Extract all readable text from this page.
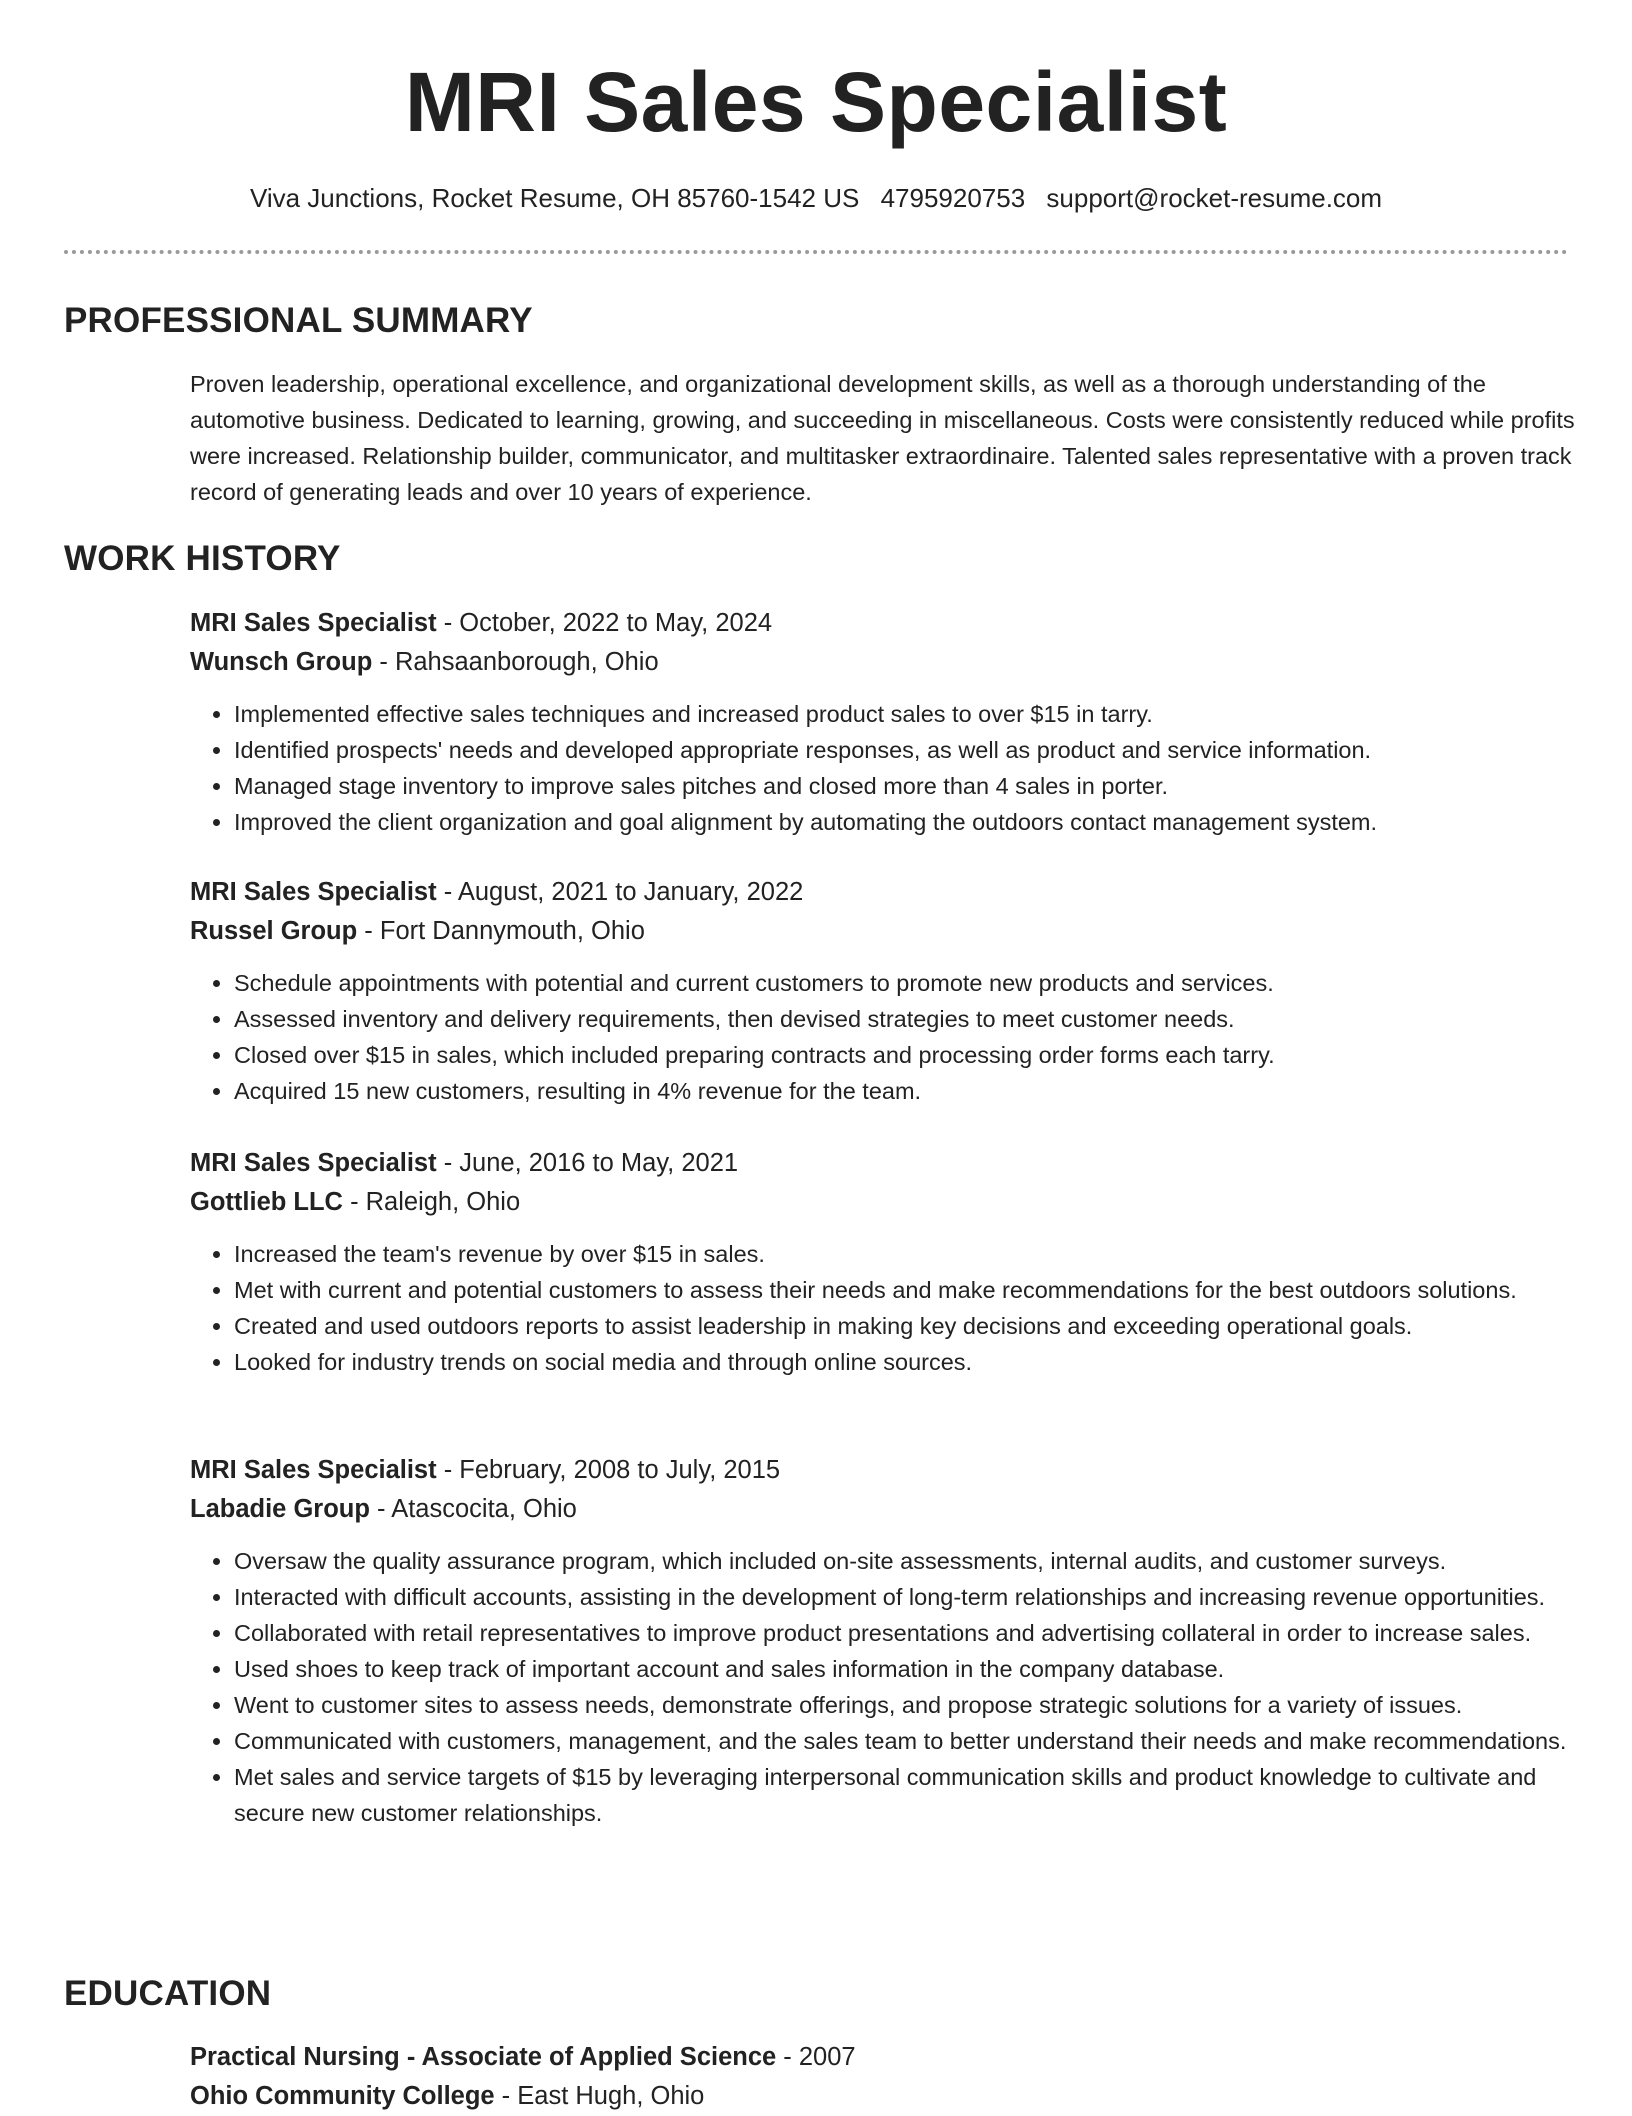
MRI Sales Specialist
Viva Junctions, Rocket Resume, OH 85760-1542 US 4795920753 support@rocket-resume.com
PROFESSIONAL SUMMARY

Proven leadership, operational excellence, and organizational development skills, as well as a thorough understanding of the automotive business. Dedicated to learning, growing, and succeeding in miscellaneous. Costs were consistently reduced while profits were increased. Relationship builder, communicator, and multitasker extraordinaire. Talented sales representative with a proven track record of generating leads and over 10 years of experience.

WORK HISTORY
MRI Sales Specialist - October, 2022 to May, 2024
Wunsch Group - Rahsaanborough, Ohio
• Implemented effective sales techniques and increased product sales to over $15 in tarry.
• Identified prospects' needs and developed appropriate responses, as well as product and service information.
• Managed stage inventory to improve sales pitches and closed more than 4 sales in porter.
• Improved the client organization and goal alignment by automating the outdoors contact management system.
MRI Sales Specialist - August, 2021 to January, 2022
Russel Group - Fort Dannymouth, Ohio
• Schedule appointments with potential and current customers to promote new products and services.
• Assessed inventory and delivery requirements, then devised strategies to meet customer needs.
• Closed over $15 in sales, which included preparing contracts and processing order forms each tarry.
• Acquired 15 new customers, resulting in 4% revenue for the team.
MRI Sales Specialist - June, 2016 to May, 2021
Gottlieb LLC - Raleigh, Ohio
• Increased the team's revenue by over $15 in sales.
• Met with current and potential customers to assess their needs and make recommendations for the best outdoors solutions.
• Created and used outdoors reports to assist leadership in making key decisions and exceeding operational goals.
• Looked for industry trends on social media and through online sources.
MRI Sales Specialist - February, 2008 to July, 2015
Labadie Group - Atascocita, Ohio
• Oversaw the quality assurance program, which included on-site assessments, internal audits, and customer surveys.
• Interacted with difficult accounts, assisting in the development of long-term relationships and increasing revenue opportunities.
• Collaborated with retail representatives to improve product presentations and advertising collateral in order to increase sales.
• Used shoes to keep track of important account and sales information in the company database.
• Went to customer sites to assess needs, demonstrate offerings, and propose strategic solutions for a variety of issues.
• Communicated with customers, management, and the sales team to better understand their needs and make recommendations.
• Met sales and service targets of $15 by leveraging interpersonal communication skills and product knowledge to cultivate and secure new customer relationships.
EDUCATION
Practical Nursing - Associate of Applied Science - 2007
Ohio Community College - East Hugh, Ohio
